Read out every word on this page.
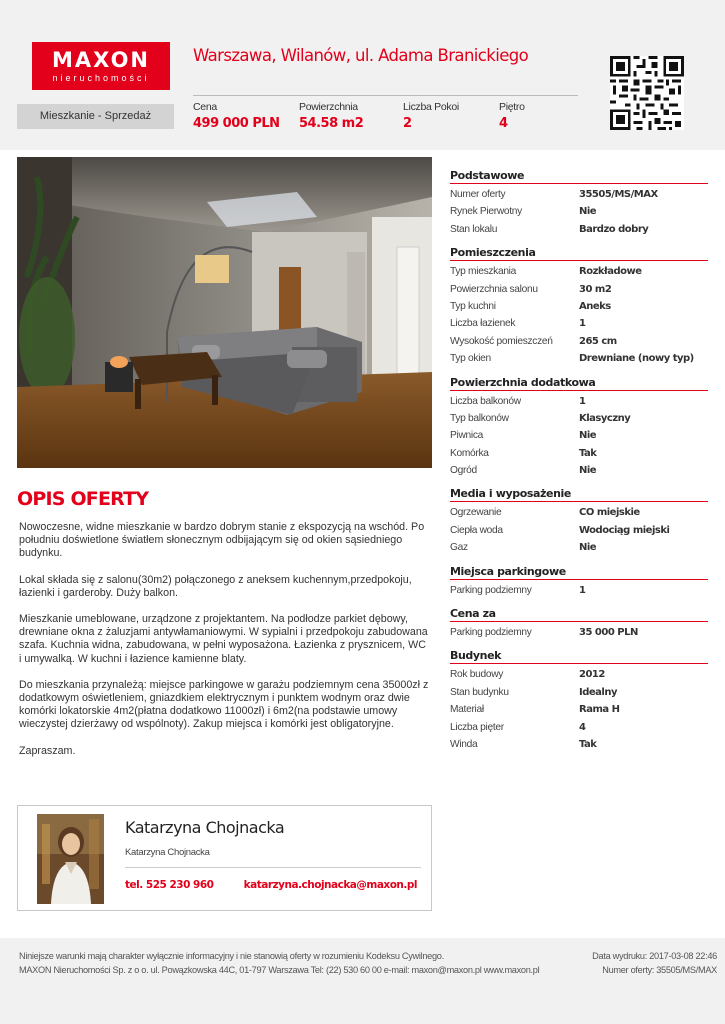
MAXON
nieruchomości
Warszawa, Wilanów, ul. Adama Branickiego
Mieszkanie - Sprzedaż
Cena
499 000 PLN
Powierzchnia
54.58 m2
Liczba Pokoi
2
Piętro
4
OPIS OFERTY

Nowoczesne, widne mieszkanie w bardzo dobrym stanie z ekspozycją na wschód. Po południu doświetlone światłem słonecznym odbijającym się od okien sąsiedniego budynku.

Lokal składa się z salonu(30m2) połączonego z aneksem kuchennym,przedpokoju, łazienki i garderoby. Duży balkon.

Mieszkanie umeblowane, urządzone z projektantem. Na podłodze parkiet dębowy, drewniane okna z żaluzjami antywłamaniowymi. W sypialni i przedpokoju zabudowana szafa. Kuchnia widna, zabudowana, w pełni wyposażona. Łazienka z prysznicem, WC i umywalką. W kuchni i łazience kamienne blaty.

Do mieszkania przynależą: miejsce parkingowe w garażu podziemnym cena 35000zł z dodatkowym oświetleniem, gniazdkiem elektrycznym i punktem wodnym oraz dwie komórki lokatorskie 4m2(płatna dodatkowo 11000zł) i 6m2(na podstawie umowy wieczystej dzierżawy od wspólnoty). Zakup miejsca i komórki jest obligatoryjne.

Zapraszam.

Podstawowe
Numer oferty	35505/MS/MAX
Rynek Pierwotny	Nie
Stan lokalu	Bardzo dobry
Pomieszczenia
Typ mieszkania	Rozkładowe
Powierzchnia salonu	30 m2
Typ kuchni	Aneks
Liczba łazienek	1
Wysokość pomieszczeń	265 cm
Typ okien	Drewniane (nowy typ)
Powierzchnia dodatkowa
Liczba balkonów	1
Typ balkonów	Klasyczny
Piwnica	Nie
Komórka	Tak
Ogród	Nie
Media i wyposażenie
Ogrzewanie	CO miejskie
Ciepła woda	Wodociąg miejski
Gaz	Nie
Miejsca parkingowe
Parking podziemny	1
Cena za
Parking podziemny	35 000 PLN
Budynek
Rok budowy	2012
Stan budynku	Idealny
Materiał	Rama H
Liczba pięter	4
Winda	Tak
Katarzyna Chojnacka
Katarzyna Chojnacka
tel. 525 230 960	katarzyna.chojnacka@maxon.pl
Niniejsze warunki mają charakter wyłącznie informacyjny i nie stanowią oferty w rozumieniu Kodeksu Cywilnego.
MAXON Nieruchomości Sp. z o o. ul. Powązkowska 44C, 01-797 Warszawa Tel: (22) 530 60 00 e-mail: maxon@maxon.pl www.maxon.pl
Data wydruku: 2017-03-08 22:46
Numer oferty: 35505/MS/MAX
